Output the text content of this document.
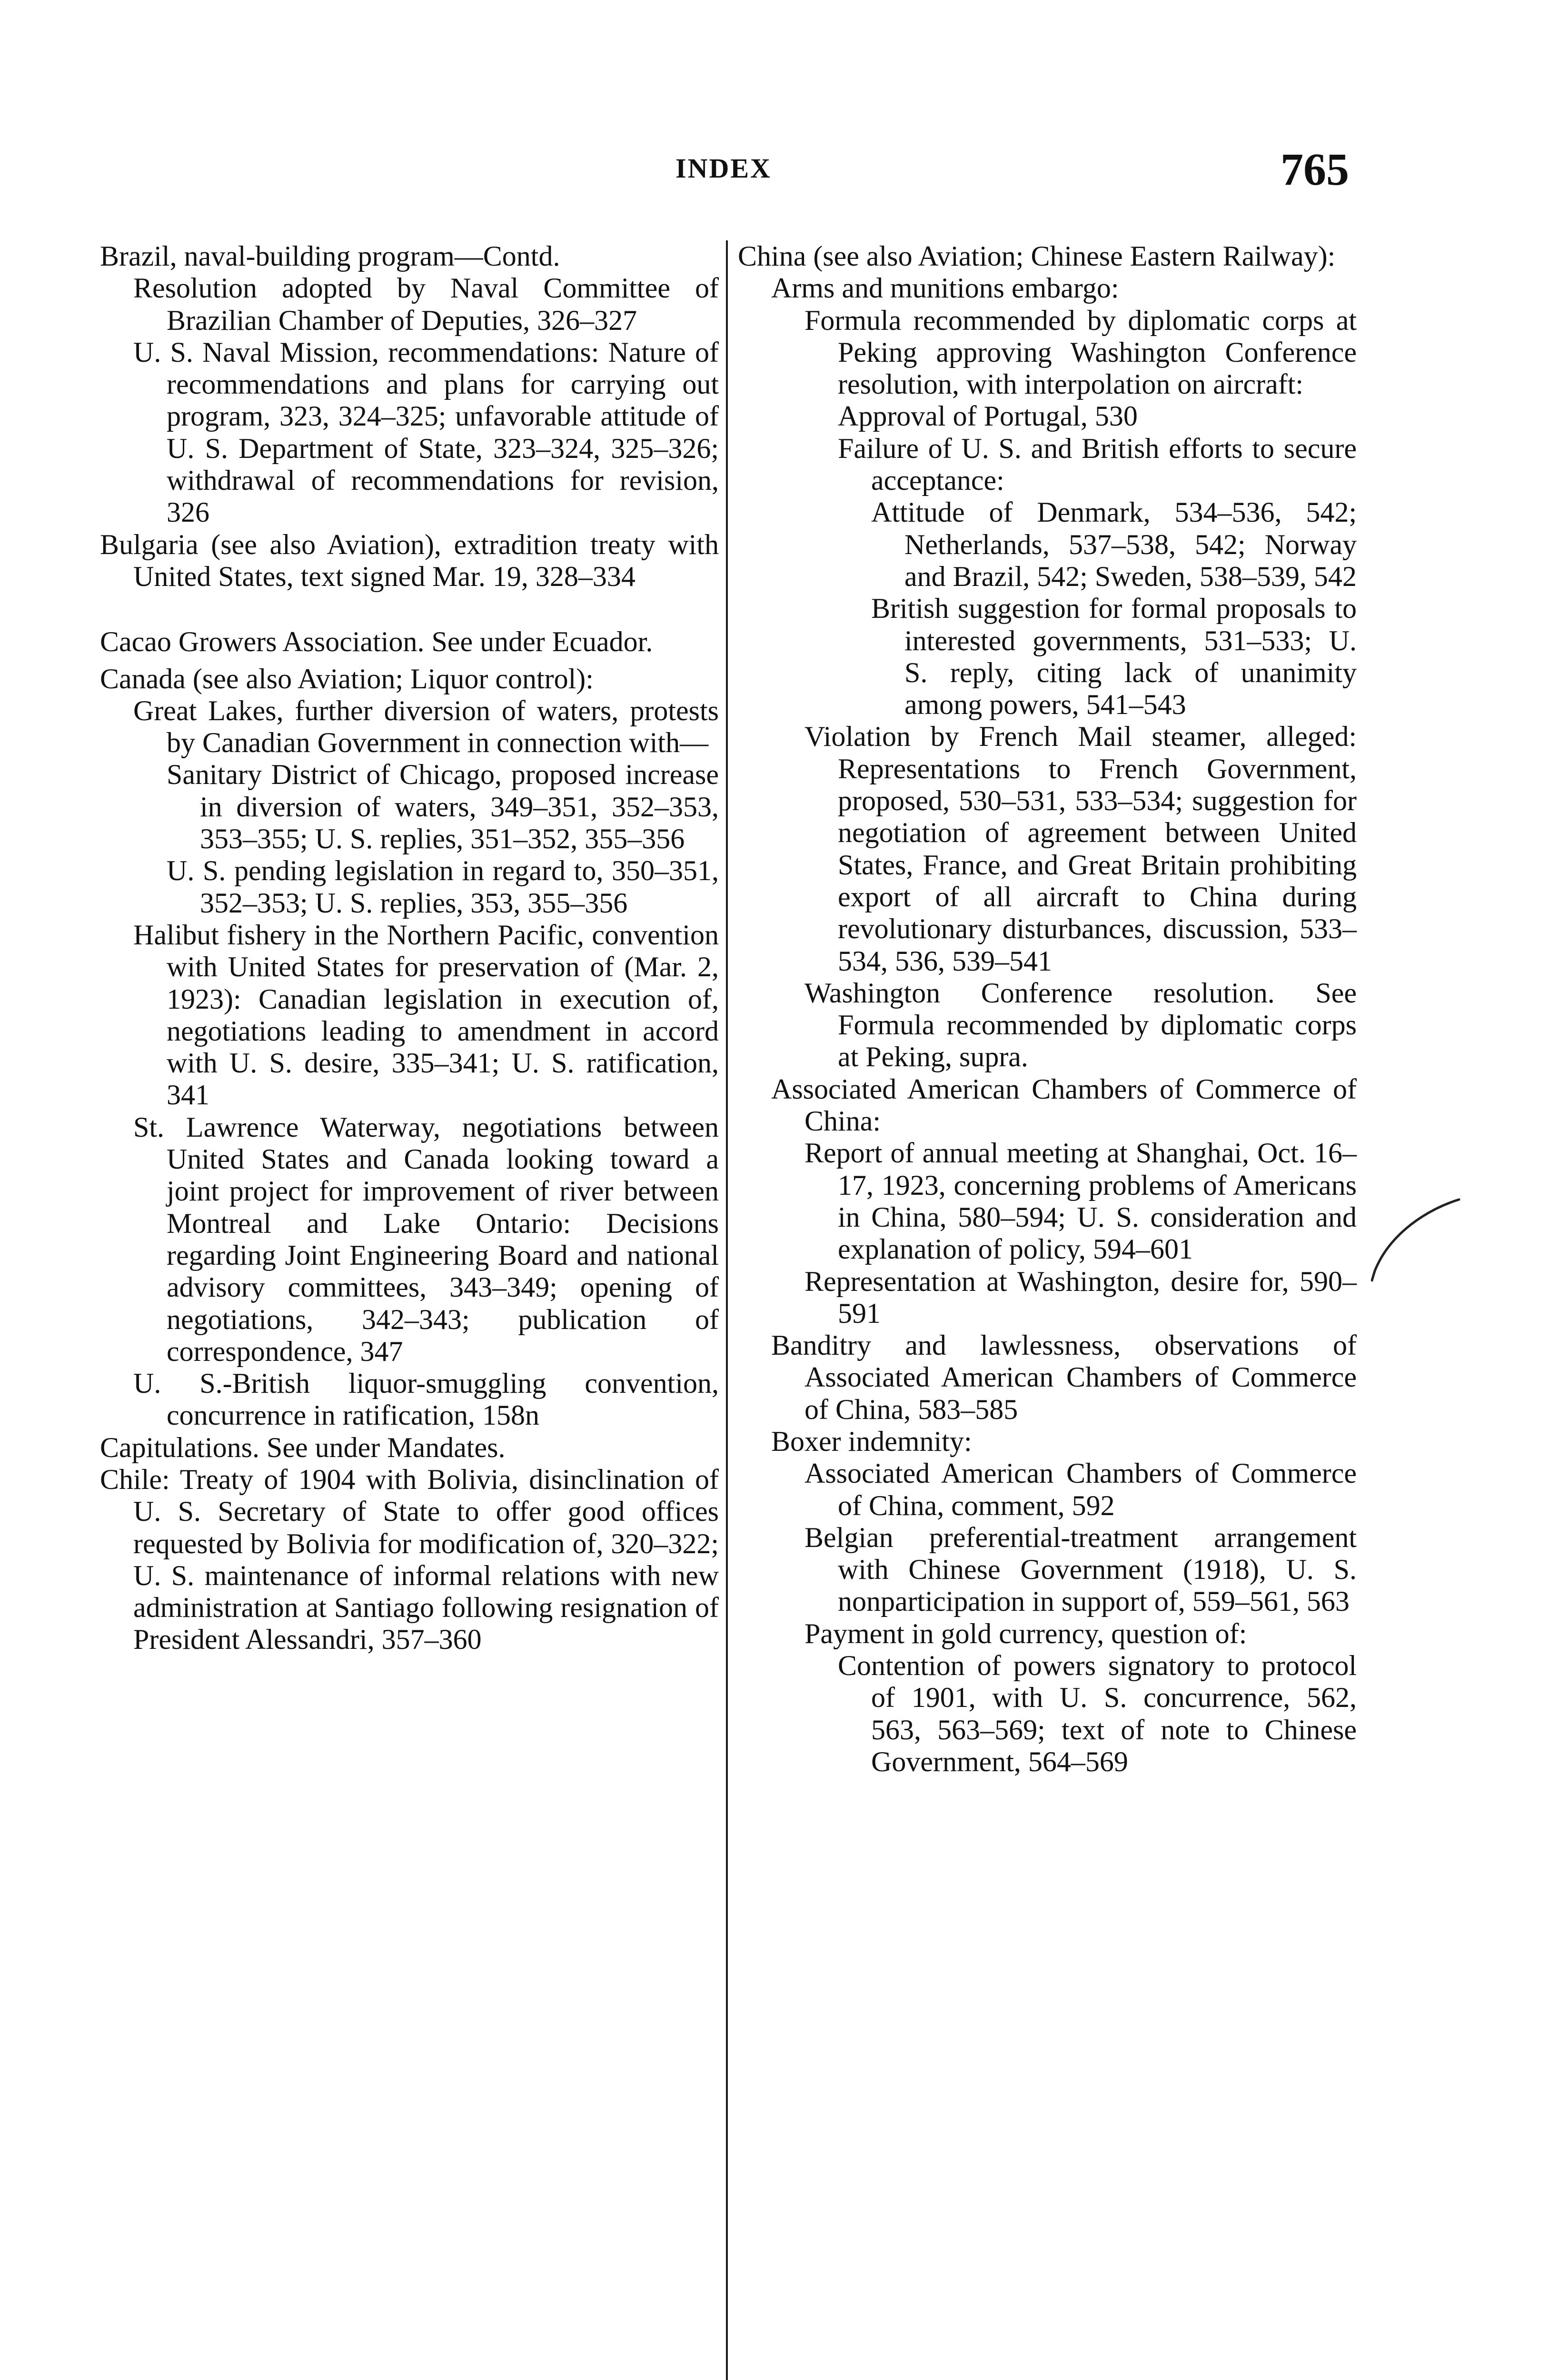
INDEX	765
Brazil, naval-building program—Contd.
Resolution adopted by Naval Committee of Brazilian Chamber of Deputies, 326–327
U. S. Naval Mission, recommendations: Nature of recommendations and plans for carrying out program, 323, 324–325; unfavorable attitude of U. S. Department of State, 323–324, 325–326; withdrawal of recommendations for revision, 326
Bulgaria (see also Aviation), extradition treaty with United States, text signed Mar. 19, 328–334
Cacao Growers Association. See under Ecuador.
Canada (see also Aviation; Liquor control):
Great Lakes, further diversion of waters, protests by Canadian Government in connection with—
Sanitary District of Chicago, proposed increase in diversion of waters, 349–351, 352–353, 353–355; U. S. replies, 351–352, 355–356
U. S. pending legislation in regard to, 350–351, 352–353; U. S. replies, 353, 355–356
Halibut fishery in the Northern Pacific, convention with United States for preservation of (Mar. 2, 1923): Canadian legislation in execution of, negotiations leading to amendment in accord with U. S. desire, 335–341; U. S. ratification, 341
St. Lawrence Waterway, negotiations between United States and Canada looking toward a joint project for improvement of river between Montreal and Lake Ontario: Decisions regarding Joint Engineering Board and national advisory committees, 343–349; opening of negotiations, 342–343; publication of correspondence, 347
U. S.-British liquor-smuggling convention, concurrence in ratification, 158n
Capitulations. See under Mandates.
Chile: Treaty of 1904 with Bolivia, disinclination of U. S. Secretary of State to offer good offices requested by Bolivia for modification of, 320–322; U. S. maintenance of informal relations with new administration at Santiago following resignation of President Alessandri, 357–360
China (see also Aviation; Chinese Eastern Railway):
Arms and munitions embargo:
Formula recommended by diplomatic corps at Peking approving Washington Conference resolution, with interpolation on aircraft:
Approval of Portugal, 530
Failure of U. S. and British efforts to secure acceptance:
Attitude of Denmark, 534–536, 542; Netherlands, 537–538, 542; Norway and Brazil, 542; Sweden, 538–539, 542
British suggestion for formal proposals to interested governments, 531–533; U. S. reply, citing lack of unanimity among powers, 541–543
Violation by French Mail steamer, alleged: Representations to French Government, proposed, 530–531, 533–534; suggestion for negotiation of agreement between United States, France, and Great Britain prohibiting export of all aircraft to China during revolutionary disturbances, discussion, 533–534, 536, 539–541
Washington Conference resolution. See Formula recommended by diplomatic corps at Peking, supra.
Associated American Chambers of Commerce of China:
Report of annual meeting at Shanghai, Oct. 16–17, 1923, concerning problems of Americans in China, 580–594; U. S. consideration and explanation of policy, 594–601
Representation at Washington, desire for, 590–591
Banditry and lawlessness, observations of Associated American Chambers of Commerce of China, 583–585
Boxer indemnity:
Associated American Chambers of Commerce of China, comment, 592
Belgian preferential-treatment arrangement with Chinese Government (1918), U. S. nonparticipation in support of, 559–561, 563
Payment in gold currency, question of:
Contention of powers signatory to protocol of 1901, with U. S. concurrence, 562, 563, 563–569; text of note to Chinese Government, 564–569
